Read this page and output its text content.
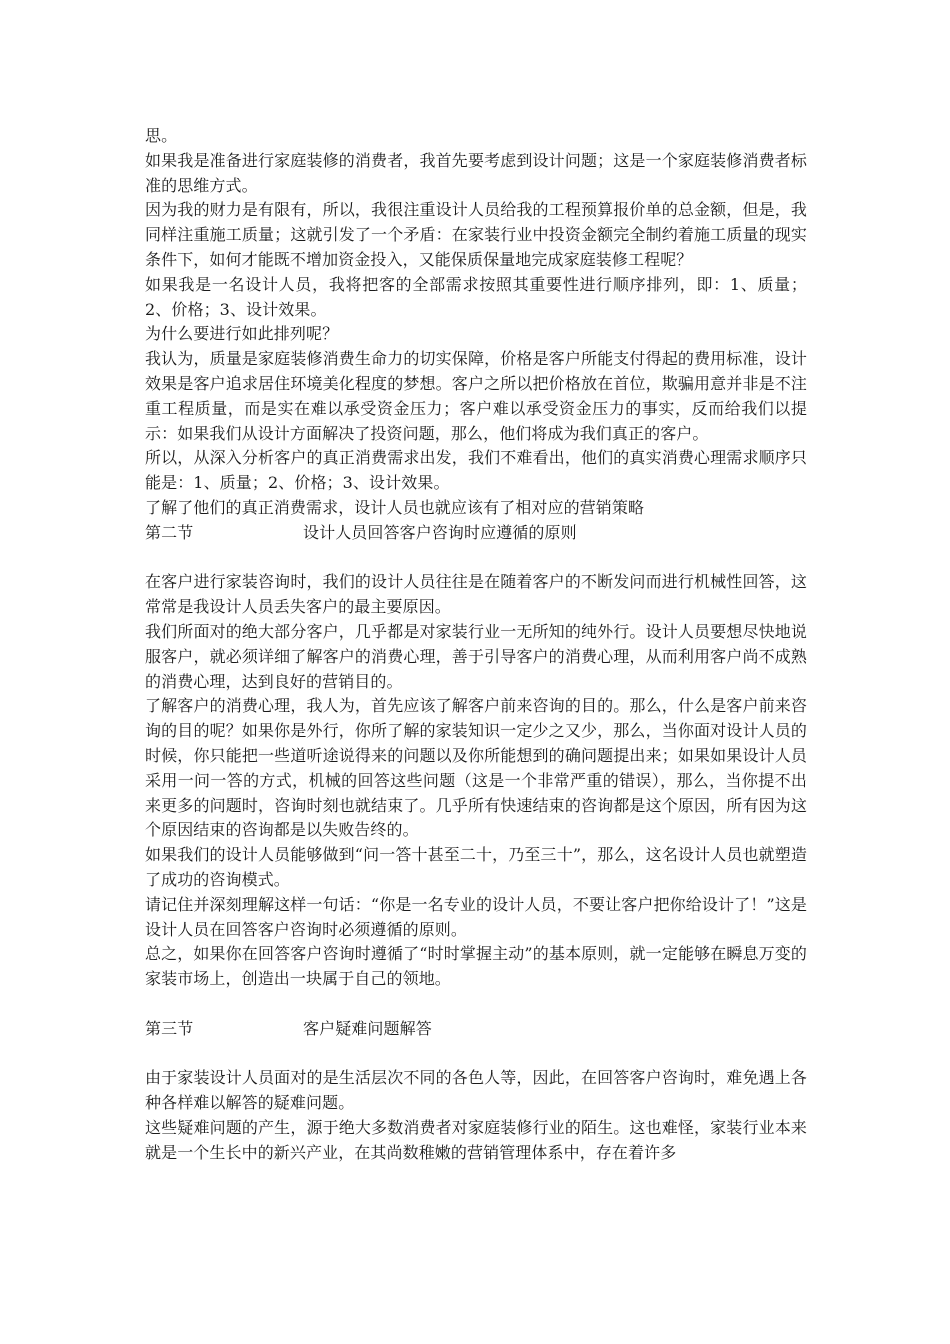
思。

如果我是准备进行家庭装修的消费者，我首先要考虑到设计问题；这是一个家庭装修消费者标准的思维方式。

因为我的财力是有限有，所以，我很注重设计人员给我的工程预算报价单的总金额，但是，我同样注重施工质量；这就引发了一个矛盾：在家装行业中投资金额完全制约着施工质量的现实条件下，如何才能既不增加资金投入，又能保质保量地完成家庭装修工程呢？

如果我是一名设计人员，我将把客的全部需求按照其重要性进行顺序排列，即：1、质量；2、价格；3、设计效果。

为什么要进行如此排列呢？

我认为，质量是家庭装修消费生命力的切实保障，价格是客户所能支付得起的费用标准，设计效果是客户追求居住环境美化程度的梦想。客户之所以把价格放在首位，欺骗用意并非是不注重工程质量，而是实在难以承受资金压力；客户难以承受资金压力的事实，反而给我们以提示：如果我们从设计方面解决了投资问题，那么，他们将成为我们真正的客户。

所以，从深入分析客户的真正消费需求出发，我们不难看出，他们的真实消费心理需求顺序只能是：1、质量；2、价格；3、设计效果。

了解了他们的真正消费需求，设计人员也就应该有了相对应的营销策略

第二节	设计人员回答客户咨询时应遵循的原则

在客户进行家装咨询时，我们的设计人员往往是在随着客户的不断发问而进行机械性回答，这常常是我设计人员丢失客户的最主要原因。

我们所面对的绝大部分客户，几乎都是对家装行业一无所知的纯外行。设计人员要想尽快地说服客户，就必须详细了解客户的消费心理，善于引导客户的消费心理，从而利用客户尚不成熟的消费心理，达到良好的营销目的。

了解客户的消费心理，我人为，首先应该了解客户前来咨询的目的。那么，什么是客户前来咨询的目的呢？如果你是外行，你所了解的家装知识一定少之又少，那么，当你面对设计人员的时候，你只能把一些道听途说得来的问题以及你所能想到的确问题提出来；如果如果设计人员采用一问一答的方式，机械的回答这些问题（这是一个非常严重的错误），那么，当你提不出来更多的问题时，咨询时刻也就结束了。几乎所有快速结束的咨询都是这个原因，所有因为这个原因结束的咨询都是以失败告终的。

如果我们的设计人员能够做到“问一答十甚至二十，乃至三十”，那么，这名设计人员也就塑造了成功的咨询模式。

请记住并深刻理解这样一句话：“你是一名专业的设计人员，不要让客户把你给设计了！”这是设计人员在回答客户咨询时必须遵循的原则。

总之，如果你在回答客户咨询时遵循了“时时掌握主动”的基本原则，就一定能够在瞬息万变的家装市场上，创造出一块属于自己的领地。

第三节	客户疑难问题解答

由于家装设计人员面对的是生活层次不同的各色人等，因此，在回答客户咨询时，难免遇上各种各样难以解答的疑难问题。

这些疑难问题的产生，源于绝大多数消费者对家庭装修行业的陌生。这也难怪，家装行业本来就是一个生长中的新兴产业，在其尚数稚嫩的营销管理体系中，存在着许多
